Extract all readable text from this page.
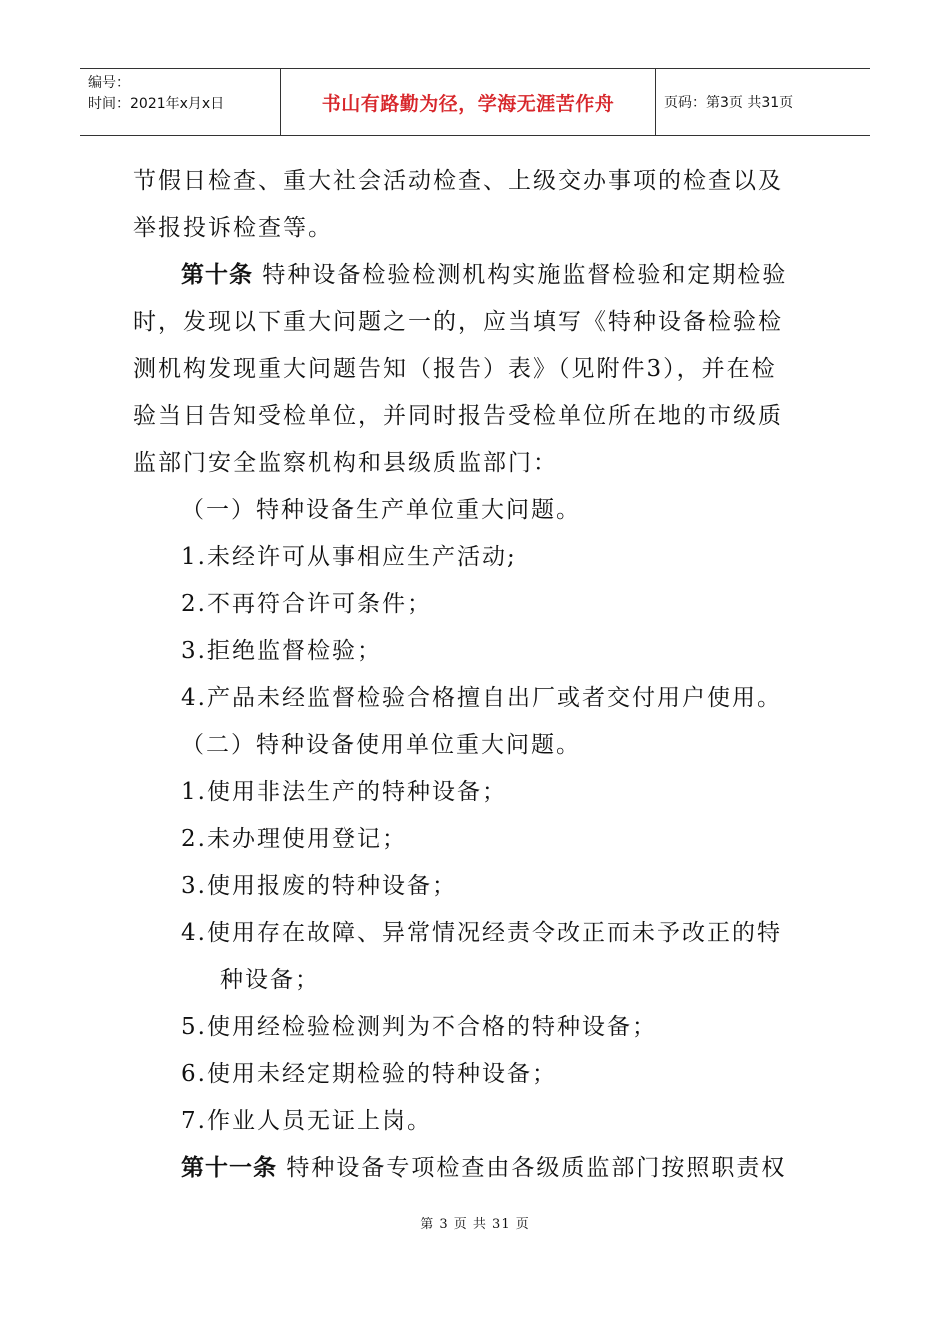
编号：
时间：2021年x月x日	书山有路勤为径，学海无涯苦作舟	页码：第3页 共31页
节假日检查、重大社会活动检查、上级交办事项的检查以及
举报投诉检查等。
第十条 特种设备检验检测机构实施监督检验和定期检验
时，发现以下重大问题之一的，应当填写《特种设备检验检
测机构发现重大问题告知（报告）表》（见附件3），并在检
验当日告知受检单位，并同时报告受检单位所在地的市级质
监部门安全监察机构和县级质监部门：
（一）特种设备生产单位重大问题。
1.未经许可从事相应生产活动;
2.不再符合许可条件；
3.拒绝监督检验；
4.产品未经监督检验合格擅自出厂或者交付用户使用。
（二）特种设备使用单位重大问题。
1.使用非法生产的特种设备；
2.未办理使用登记；
3.使用报废的特种设备；
4.使用存在故障、异常情况经责令改正而未予改正的特
种设备；
5.使用经检验检测判为不合格的特种设备；
6.使用未经定期检验的特种设备；
7.作业人员无证上岗。
第十一条 特种设备专项检查由各级质监部门按照职责权
第 3 页 共 31 页
